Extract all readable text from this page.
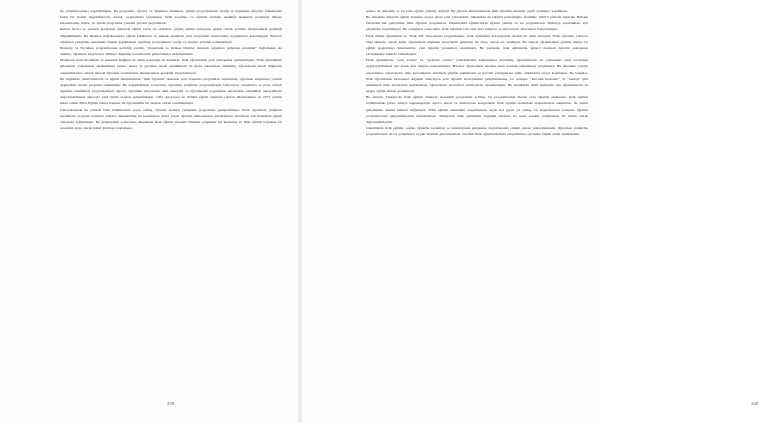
339	340

ile yetiştirilecekleri öngörülmüştür. Bu programla, öğrenci ve öğretmen nitelikleri, eğitim programlarının içeriği ve uygulama süreçleri bakımından farklı bir sistem öngörülüyordu. Ancak, uygulamada kurumların fiziki koşulları ve öğretim elemanı eksikliği nedeniyle planlanan düzeye ulaşılamamış, birkaç yıl içinde programlar yeniden gözden geçirilmiştir.

Ruhsal beceri ve yetenek gerektiren alanlarda eğitim veren bu okulların, çağdaş eğitim anlayışına uygun olarak yeniden düzenlenmesi gerektiği düşünülmüştür. Bu düşünce doğrultusunda, eğitim fakülteleri ve yüksek okullarda yeni programlar hazırlanmış, uygulamaya konulmuştur. Böylece öğretmen yetiştirme sisteminde önemli değişiklikler yapılmış, programların içeriği ve süreleri yeniden belirlenmiştir.

Berkeley ve Feynman programlarının getirdiği yenilik, “matematik ve fiziksel bilimler alanında öğretmen yetiştiren kurumlar” bağlamında ele alınmış; öğretmen adaylarının bilimsel düşünme becerilerinin geliştirilmesi hedeflenmiştir.

Maddenin atom modelinin ve kuantum fiziğinin de önem kazandığı bu dönemde, fizik öğretiminde yeni yaklaşımlar geliştirilmiştir. Fizik öğretiminin geleneksel yöntemlerle sürdürülmesi yerine, deney ve gözleme dayalı etkinliklerin ön plana çıkarılması önerilmiş; öğrencilerin kendi bilgilerini oluşturmalarına olanak tanıyan öğrenme ortamlarının düzenlenmesi gerektiği vurgulanmıştır.

Bu bağlamda, üniversitelerde ve eğitim fakültelerinde “fizik öğretimi” alanında yeni araştırma programları başlatılmış, öğretmen adaylarına yönelik uygulamalı dersler programa eklenmiştir. Bu değişikliklerin sonucunda, öğretmen yetiştirme programlarında laboratuvar çalışmaları ve proje tabanlı öğrenme etkinlikleri yaygınlaşmıştır. Ayrıca, öğretmen adaylarının okul deneyimi ve öğretmenlik uygulaması derslerinde edindikleri deneyimlerin değerlendirilmesi amacıyla yeni ölçme araçları geliştirilmiştir. 1961 Anayasası ile birlikte eğitim alanında yapılan düzenlemeler ve 1973 yılında kabul edilen Milli Eğitim Temel Kanunu ile öğretmenlik bir meslek olarak tanımlanmıştır.

Üniversitelerde bu yıllarda fizik bölümlerinin sayısı artmış, öğretim elemanı yetiştirme programları genişletilmiştir. Fizik öğretmeni yetiştiren kurumların program içerikleri yeniden düzenlenmiş, bu kurumlarda görev yapan öğretim elemanlarının niteliklerinin artırılması için lisansüstü eğitim olanakları sağlanmıştır. Bu gelişmelerin sonucunda, ülkemizde fizik eğitimi alanında bilimsel çalışmalar hız kazanmış ve fizik eğitimi bağımsız bir araştırma alanı olarak kabul görmeye başlamıştır.

sadece bu dönemde ve bu yolla eğitim verilmiş değildir. Bu yıllarda üniversitelerde fizik öğretimi alanında çeşitli yenilikler yapılmıştır.

Bu dönemde dünyada eğitim alanında ortaya çıkan yeni yaklaşımlar, ülkemizde de etkisini göstermiştir. Özellikle 1960’lı yıllarda Amerika Birleşik Devletleri’nde geliştirilen fizik öğretim programları, ülkemizdeki eğitimcilerin ilgisini çekmiş ve bu programların Türkçeye uyarlanması için çalışmalar başlatılmıştır. Bu çalışmalar sonucunda, fizik öğretimi için yeni ders kitapları ve laboratuvar kılavuzları hazırlanmıştır.

Fizik dilinin öğretilmesi ve “fizik dili” kavramının yaygınlaşması, fizik öğretimini kolaylaştıran önemli bir adım olmuştur. Fizik öğretimi, yalnızca bilgi aktarımı olarak değil, öğrencilerin düşünme becerilerini geliştiren bir süreç olarak ele alınmıştır. Bu amaçla öğretmenlere yönelik hizmet içi eğitim programları düzenlenmiş, yeni öğretim yöntemleri tanıtılmıştır. Bu yaklaşım, fizik eğitiminde öğrenci merkezli öğretim anlayışının yerleşmesine katkıda bulunmuştur.

Fizik öğretiminde “soru sorma” ve “problem çözme” yöntemlerinin kullanılması önerilmiş, öğretmenlerin bu yöntemleri sınıf ortamında uygulayabilmeleri için örnek ders planları hazırlanmıştır. Böylece öğrencilerin derslere etkin katılımı sağlanmaya çalışılmıştır. Bu dönemde yapılan araştırmalar, öğrencilerin fizik kavramlarını anlamada güçlük çektiklerini ve kavram yanılgılarına sahip olduklarını ortaya koymuştur. Bu bulgular, fizik öğretiminde kavramsal değişimi amaçlayan yeni öğretim stratejilerinin geliştirilmesine yol açmıştır. “Kavram haritaları” ve “analoji” gibi tekniklerin fizik derslerinde kullanılması, öğrencilerin kavramsal anlamalarını desteklemiştir. Bu tekniklerin etkili kullanımı için öğretmenlerin de uygun eğitim alması gerekmiştir.

Bu amaçla, Türkiye’de fizik eğitimi alanında lisansüstü programlar açılmış, bu programlardan mezun olan öğretim elemanları fizik eğitimi bölümlerinde görev almaya başlamışlardır. Ayrıca ulusal ve uluslararası kongrelerde fizik eğitimi alanındaki araştırmaların sunulması, bu alanın gelişmesine önemli katkılar sağlamıştır. Fizik eğitimi alanındaki araştırmaların sayısı her geçen yıl artmış, bu araştırmaların sonuçları öğretim programlarının geliştirilmesinde kullanılmıştır. Türkiye’de fizik eğitiminin bugünkü durumu, bu uzun soluklu çalışmaların bir ürünü olarak değerlendirilebilir.

Günümüzde fizik eğitimi, çağdaş öğrenme kuramları ve teknolojideki gelişmeler doğrultusunda sürekli olarak yenilenmektedir. Öğretmen yetiştirme programlarının da bu gelişmelere uygun biçimde güncellenmesi, nitelikli fizik öğretmenlerinin yetiştirilmesi açısından büyük önem taşımaktadır.
